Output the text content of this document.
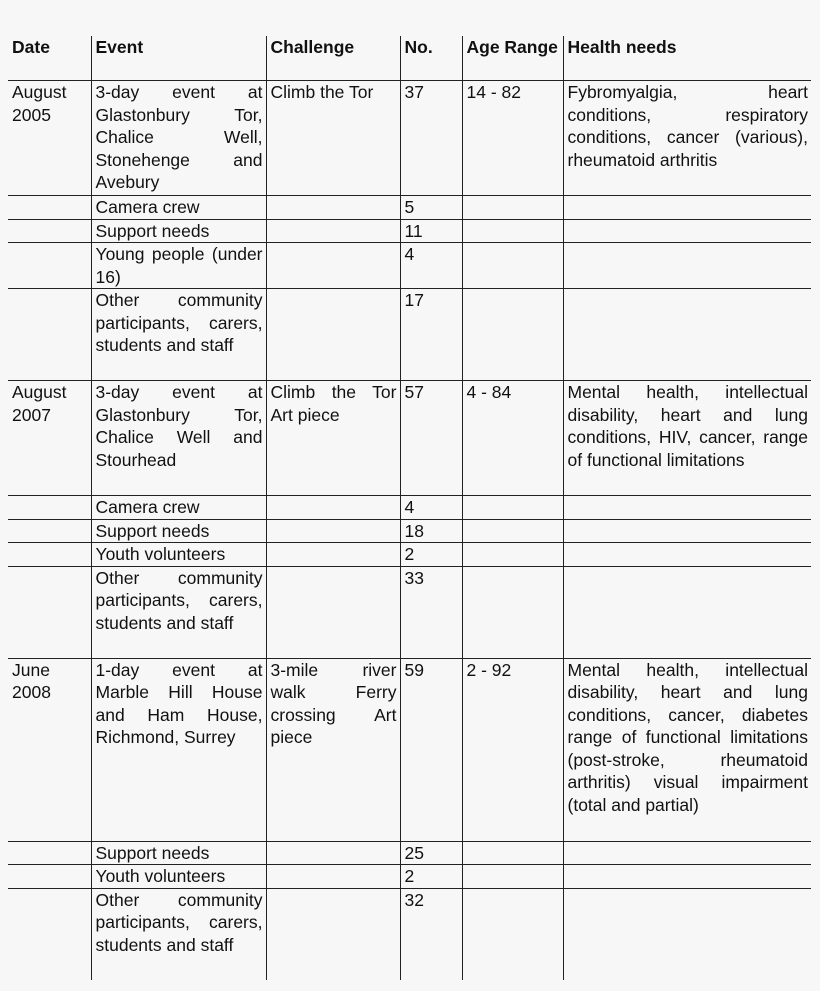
Date	Event	Challenge	No.	Age Range	Health needs
August 2005	3-day event at Glastonbury Tor, Chalice Well, Stonehenge and Avebury	Climb the Tor	37	14 - 82	Fybromyalgia, heart conditions, respiratory conditions, cancer (various), rheumatoid arthritis
	Camera crew		5		
	Support needs		11		
	Young people (under 16)		4		
	Other community participants, carers, students and staff		17		
August 2007	3-day event at Glastonbury Tor, Chalice Well and Stourhead	Climb the Tor Art piece	57	4 - 84	Mental health, intellectual disability, heart and lung conditions, HIV, cancer, range of functional limitations
	Camera crew		4		
	Support needs		18		
	Youth volunteers		2		
	Other community participants, carers, students and staff		33		
June 2008	1-day event at Marble Hill House and Ham House, Richmond, Surrey	3-mile river walk Ferry crossing Art piece	59	2 - 92	Mental health, intellectual disability, heart and lung conditions, cancer, diabetes range of functional limitations (post-stroke, rheumatoid arthritis) visual impairment (total and partial)
	Support needs		25		
	Youth volunteers		2		
	Other community participants, carers, students and staff		32		
